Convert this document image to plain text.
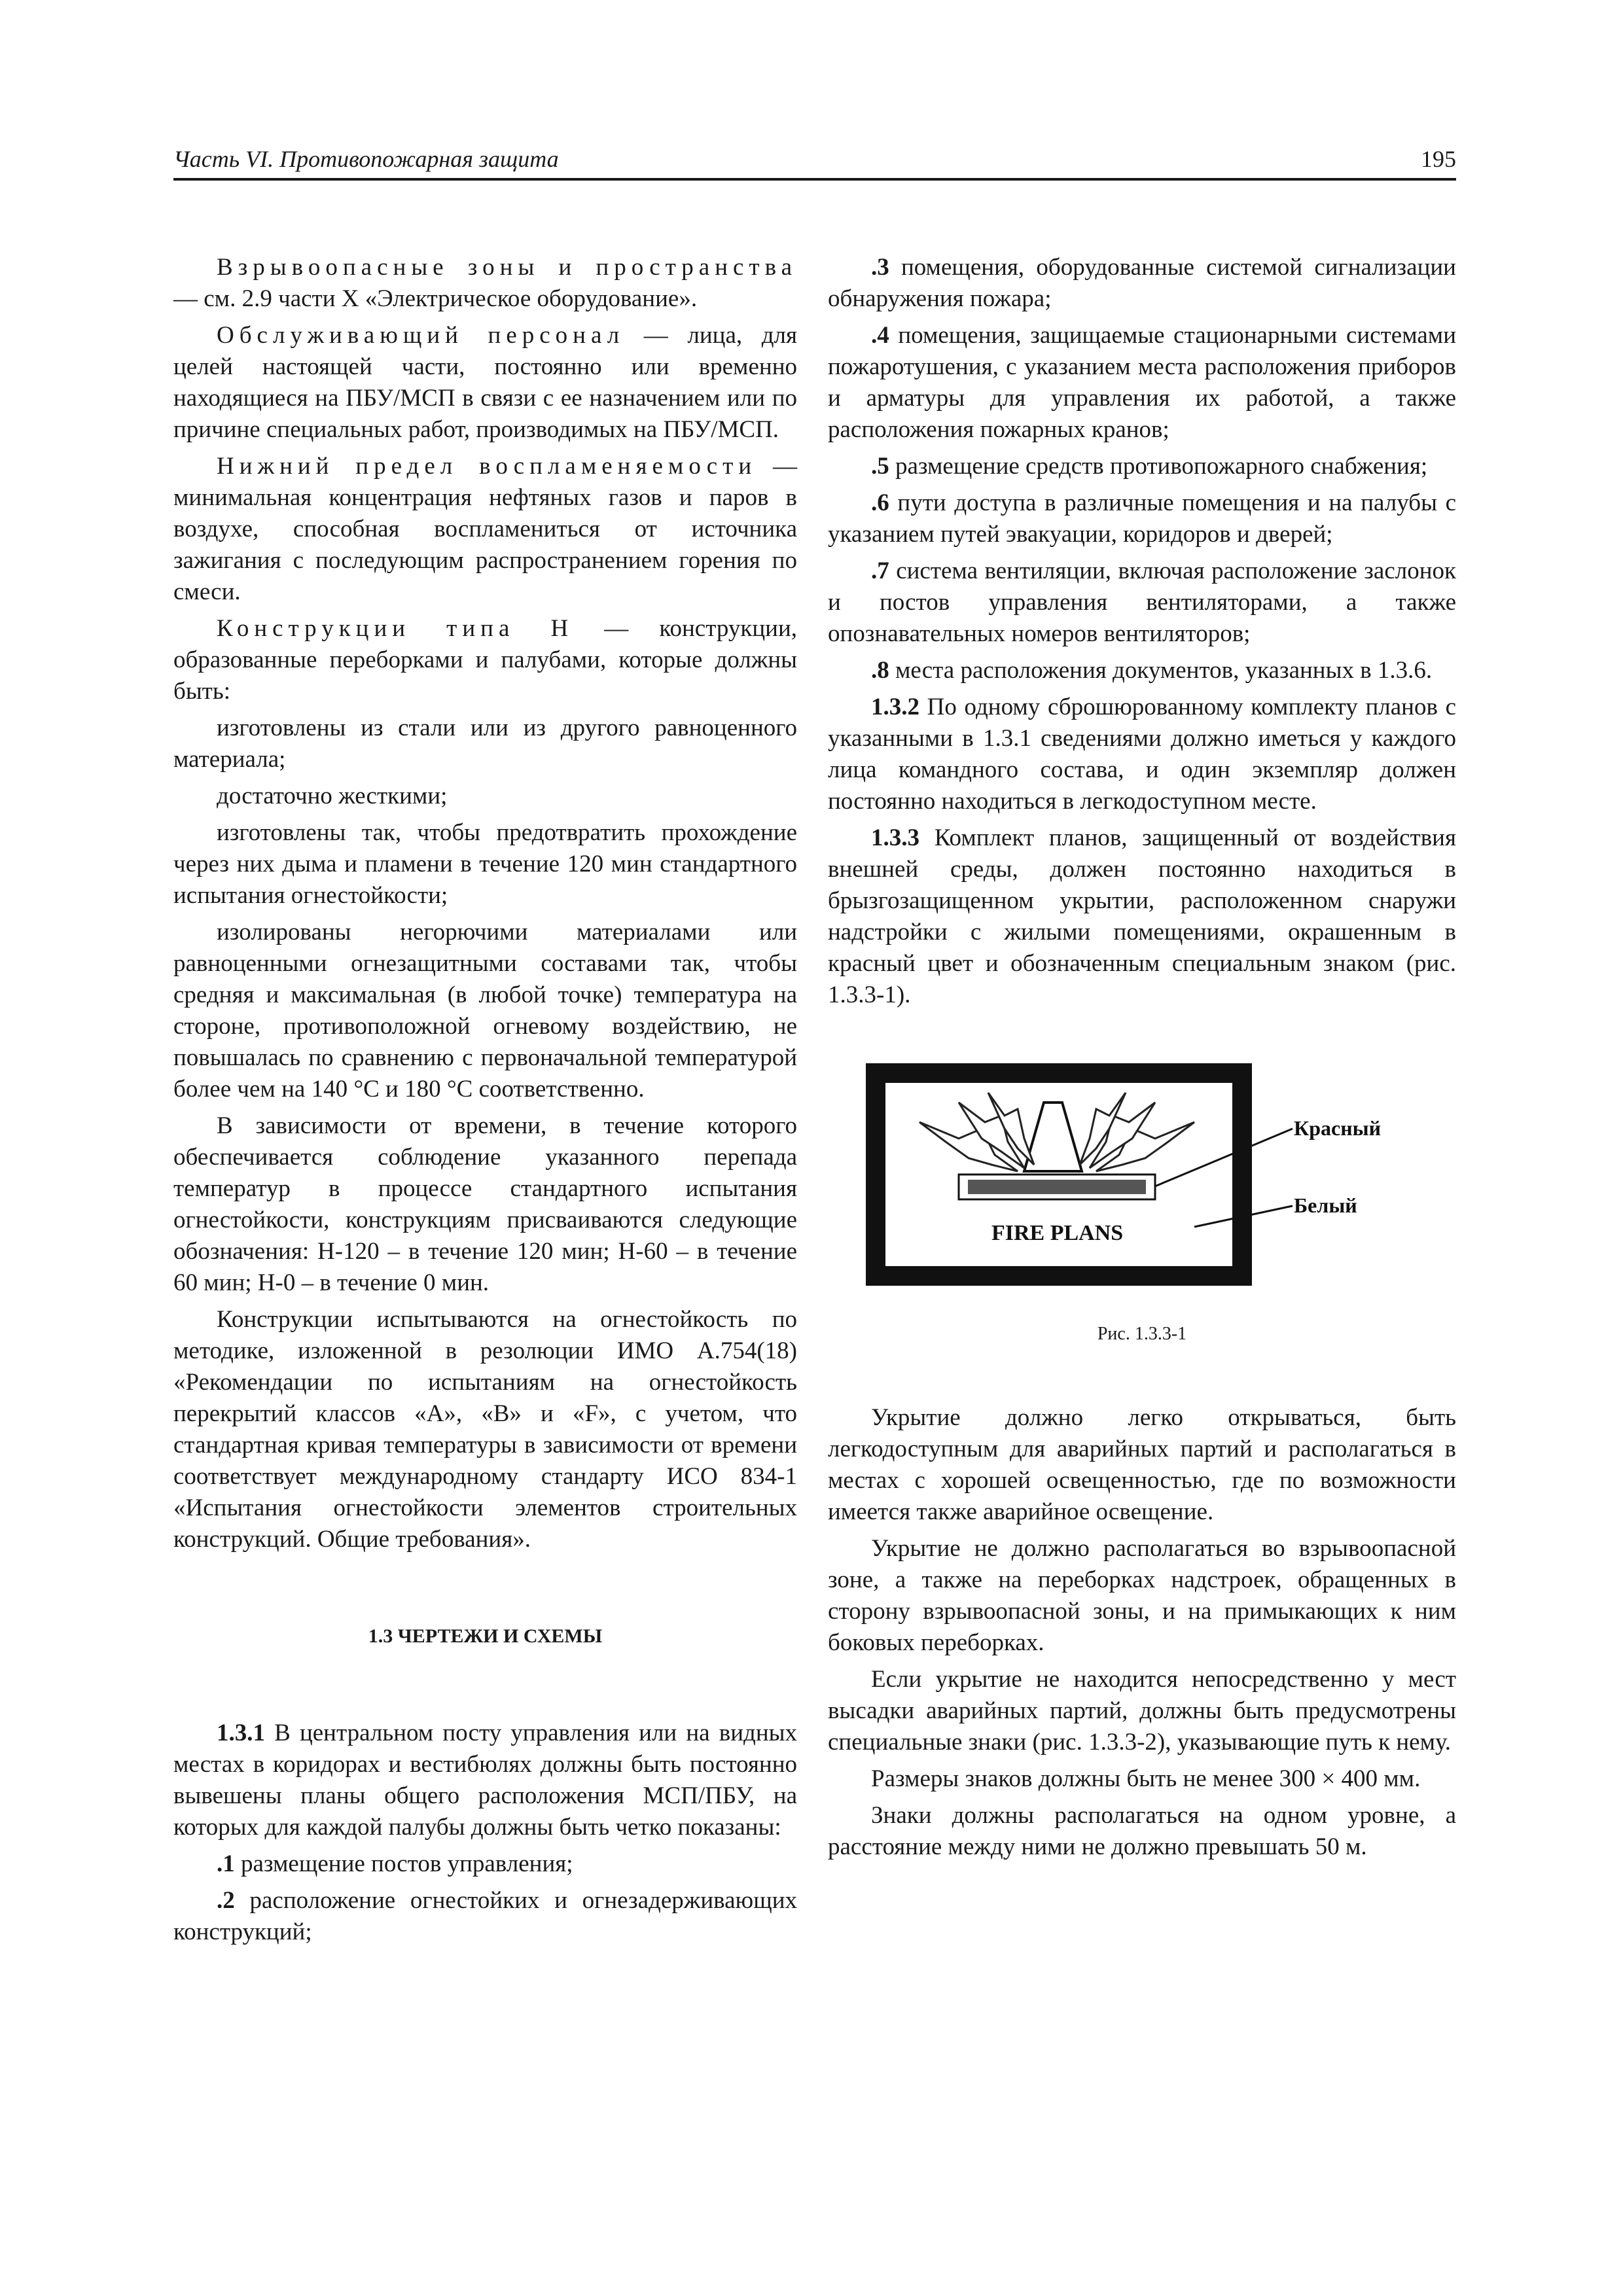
Часть VI. Противопожарная защита	195

Взрывоопасные зоны и пространства — см. 2.9 части X «Электрическое оборудование».

Обслуживающий персонал — лица, для целей настоящей части, постоянно или временно находящиеся на ПБУ/МСП в связи с ее назначением или по причине специальных работ, производимых на ПБУ/МСП.

Нижний предел воспламеняемости — минимальная концентрация нефтяных газов и паров в воздухе, способная воспламениться от источника зажигания с последующим распространением горения по смеси.

Конструкции типа Н — конструкции, образованные переборками и палубами, которые должны быть:

изготовлены из стали или из другого равноценного материала;

достаточно жесткими;

изготовлены так, чтобы предотвратить прохождение через них дыма и пламени в течение 120 мин стандартного испытания огнестойкости;

изолированы негорючими материалами или равноценными огнезащитными составами так, чтобы средняя и максимальная (в любой точке) температура на стороне, противоположной огневому воздействию, не повышалась по сравнению с первоначальной температурой более чем на 140 °C и 180 °C соответственно.

В зависимости от времени, в течение которого обеспечивается соблюдение указанного перепада температур в процессе стандартного испытания огнестойкости, конструкциям присваиваются следующие обозначения: Н-120 – в течение 120 мин; Н-60 – в течение 60 мин; Н-0 – в течение 0 мин.

Конструкции испытываются на огнестойкость по методике, изложенной в резолюции ИМО А.754(18) «Рекомендации по испытаниям на огнестойкость перекрытий классов «А», «В» и «F», с учетом, что стандартная кривая температуры в зависимости от времени соответствует международному стандарту ИСО 834-1 «Испытания огнестойкости элементов строительных конструкций. Общие требования».

1.3 ЧЕРТЕЖИ И СХЕМЫ

1.3.1 В центральном посту управления или на видных местах в коридорах и вестибюлях должны быть постоянно вывешены планы общего расположения МСП/ПБУ, на которых для каждой палубы должны быть четко показаны:

.1 размещение постов управления;

.2 расположение огнестойких и огнезадерживающих конструкций;

.3 помещения, оборудованные системой сигнализации обнаружения пожара;

.4 помещения, защищаемые стационарными системами пожаротушения, с указанием места расположения приборов и арматуры для управления их работой, а также расположения пожарных кранов;

.5 размещение средств противопожарного снабжения;

.6 пути доступа в различные помещения и на палубы с указанием путей эвакуации, коридоров и дверей;

.7 система вентиляции, включая расположение заслонок и постов управления вентиляторами, а также опознавательных номеров вентиляторов;

.8 места расположения документов, указанных в 1.3.6.

1.3.2 По одному сброшюрованному комплекту планов с указанными в 1.3.1 сведениями должно иметься у каждого лица командного состава, и один экземпляр должен постоянно находиться в легкодоступном месте.

1.3.3 Комплект планов, защищенный от воздействия внешней среды, должен постоянно находиться в брызгозащищенном укрытии, расположенном снаружи надстройки с жилыми помещениями, окрашенным в красный цвет и обозначенным специальным знаком (рис. 1.3.3-1).

FIRE PLANS
Красный
Белый

Рис. 1.3.3-1

Укрытие должно легко открываться, быть легкодоступным для аварийных партий и располагаться в местах с хорошей освещенностью, где по возможности имеется также аварийное освещение.

Укрытие не должно располагаться во взрывоопасной зоне, а также на переборках надстроек, обращенных в сторону взрывоопасной зоны, и на примыкающих к ним боковых переборках.

Если укрытие не находится непосредственно у мест высадки аварийных партий, должны быть предусмотрены специальные знаки (рис. 1.3.3-2), указывающие путь к нему.

Размеры знаков должны быть не менее 300 × 400 мм.

Знаки должны располагаться на одном уровне, а расстояние между ними не должно превышать 50 м.
